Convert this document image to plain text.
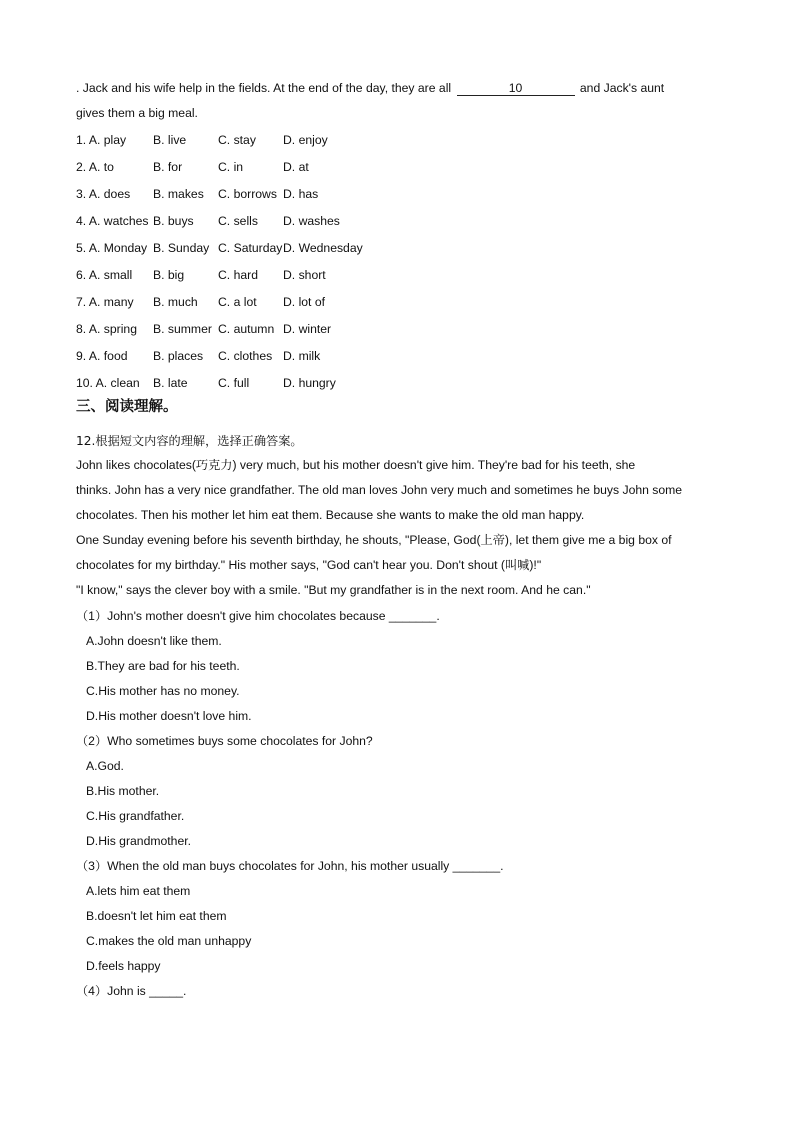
. Jack and his wife help in the fields. At the end of the day, they are all	10	and Jack's aunt
gives them a big meal.
1. A. play B. live	C. stay D. enjoy
2. A. to	B. for	C. in	D. at
3. A. does B. makes C. borrows D. has
4. A. watches B. buys C. sells D. washes
5. A. Monday B. Sunday C. Saturday D. Wednesday
6. A. small B. big	C. hard D. short
7. A. many B. much C. a lot D. lot of
8. A. spring B. summer C. autumn D. winter
9. A. food B. places C. clothes D. milk
10. A. clean B. late C. full	D. hungry
三、阅读理解。
12.根据短文内容的理解，选择正确答案。
John likes chocolates(巧克力) very much, but his mother doesn't give him. They're bad for his teeth, she
thinks. John has a very nice grandfather. The old man loves John very much and sometimes he buys John some
chocolates. Then his mother let him eat them. Because she wants to make the old man happy.
One Sunday evening before his seventh birthday, he shouts, "Please, God(上帝), let them give me a big box of
chocolates for my birthday." His mother says, "God can't hear you. Don't shout (叫喊)!"
"I know," says the clever boy with a smile. "But my grandfather is in the next room. And he can."
（1）John's mother doesn't give him chocolates because _______.
A.John doesn't like them.
B.They are bad for his teeth.
C.His mother has no money.
D.His mother doesn't love him.
（2）Who sometimes buys some chocolates for John?
A.God.
B.His mother.
C.His grandfather.
D.His grandmother.
（3）When the old man buys chocolates for John, his mother usually _______.
A.lets him eat them
B.doesn't let him eat them
C.makes the old man unhappy
D.feels happy
（4）John is _____.
